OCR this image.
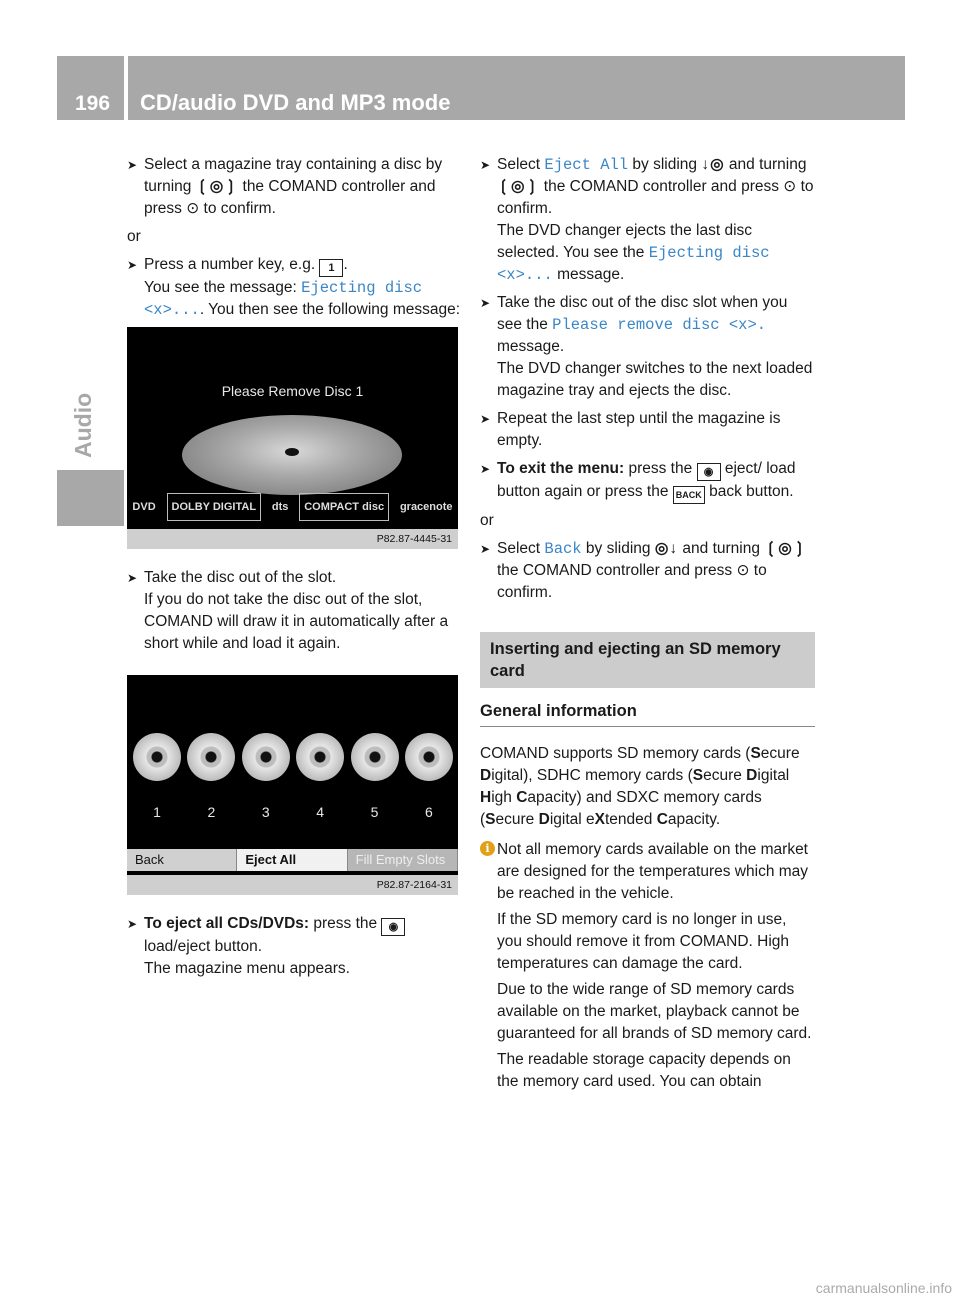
196 CD/audio DVD and MP3 mode
Audio
➤ Select a magazine tray containing a disc by turning ❲◎❳ the COMAND controller and press ⊙ to confirm.
or
➤ Press a number key, e.g. 1 .
You see the message: Ejecting disc <x>.... You then see the following message:
Please Remove Disc 1
DVD	DOLBY DIGITAL	dts	COMPACT disc	gracenote
P82.87-4445-31
➤ Take the disc out of the slot.
If you do not take the disc out of the slot, COMAND will draw it in automatically after a short while and load it again.
1	2	3	4	5	6
Back	Eject All	Fill Empty Slots
P82.87-2164-31
➤ To eject all CDs/DVDs: press the ◉ load/eject button.
The magazine menu appears.
➤ Select Eject All by sliding ↓◎ and turning ❲◎❳ the COMAND controller and press ⊙ to confirm.
The DVD changer ejects the last disc selected. You see the Ejecting disc <x>... message.
➤ Take the disc out of the disc slot when you see the Please remove disc <x>. message.
The DVD changer switches to the next loaded magazine tray and ejects the disc.
➤ Repeat the last step until the magazine is empty.
➤ To exit the menu: press the ◉ eject/ load button again or press the BACK back button.
or
➤ Select Back by sliding ◎↓ and turning ❲◎❳ the COMAND controller and press ⊙ to confirm.
Inserting and ejecting an SD memory card
General information

COMAND supports SD memory cards (Secure Digital), SDHC memory cards (Secure Digital High Capacity) and SDXC memory cards (Secure Digital eXtended Capacity.

i Not all memory cards available on the market are designed for the temperatures which may be reached in the vehicle.

If the SD memory card is no longer in use, you should remove it from COMAND. High temperatures can damage the card.

Due to the wide range of SD memory cards available on the market, playback cannot be guaranteed for all brands of SD memory card.

The readable storage capacity depends on the memory card used. You can obtain

carmanualsonline.info
